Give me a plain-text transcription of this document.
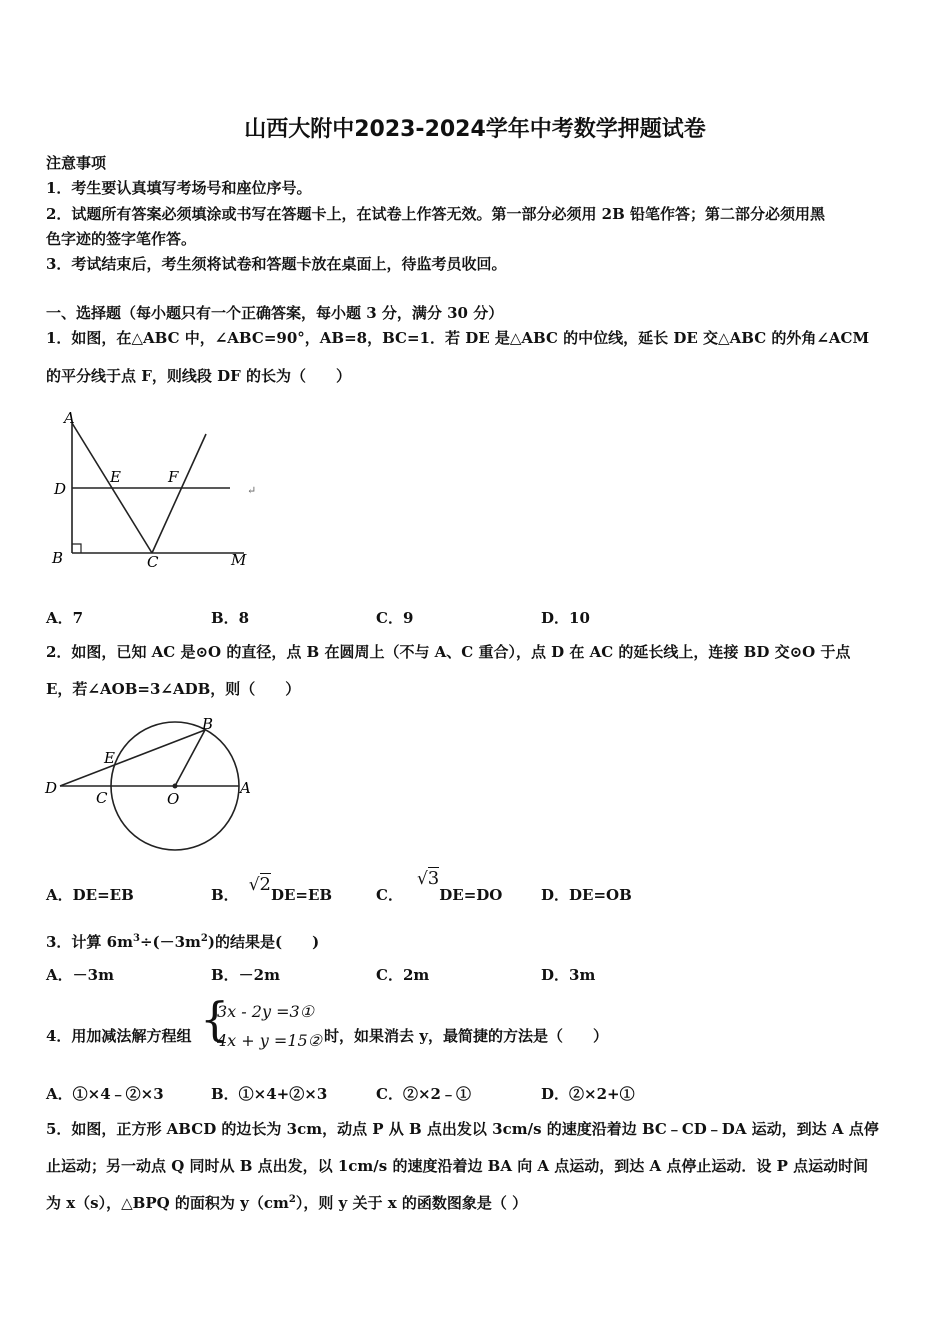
山西大附中2023-2024学年中考数学押题试卷
注意事项
1．考生要认真填写考场号和座位序号。
2．试题所有答案必须填涂或书写在答题卡上，在试卷上作答无效。第一部分必须用 2B 铅笔作答；第二部分必须用黑
色字迹的签字笔作答。
3．考试结束后，考生须将试卷和答题卡放在桌面上，待监考员收回。
一、选择题（每小题只有一个正确答案，每小题 3 分，满分 30 分）
1．如图，在△ABC 中，∠ABC=90°，AB=8，BC=1．若 DE 是△ABC 的中位线，延长 DE 交△ABC 的外角∠ACM
的平分线于点 F，则线段 DF 的长为（　　）
A
D
E	F
B	C	M
↵
A．7	B．8	C．9	D．10
2．如图，已知 AC 是⊙O 的直径，点 B 在圆周上（不与 A、C 重合），点 D 在 AC 的延长线上，连接 BD 交⊙O 于点
E，若∠AOB=3∠ADB，则（　　）
B
E
D
C	O
A
A．DE=EB	B． √2DE=EB	C．√3DE=DO	D．DE=OB
3．计算 $6m^3\div(-3m^2)$的结果是(　　)
A．－3m	B．－2m	C．2m	D．3m
4．用加减法解方程组 {
3x - 2y =3①
4x + y =15② 时，如果消去 y，最简捷的方法是（　　）
A．①×4﹣②×3	B．①×4+②×3	C．②×2﹣①	D．②×2+①
5．如图，正方形 ABCD 的边长为 3cm，动点 P 从 B 点出发以 3cm/s 的速度沿着边 BC﹣CD﹣DA 运动，到达 A 点停
止运动；另一动点 Q 同时从 B 点出发，以 1cm/s 的速度沿着边 BA 向 A 点运动，到达 A 点停止运动．设 P 点运动时间
为 x（s），△BPQ 的面积为 $y(cm^2)$，则 y 关于 x 的函数图象是（ ）
